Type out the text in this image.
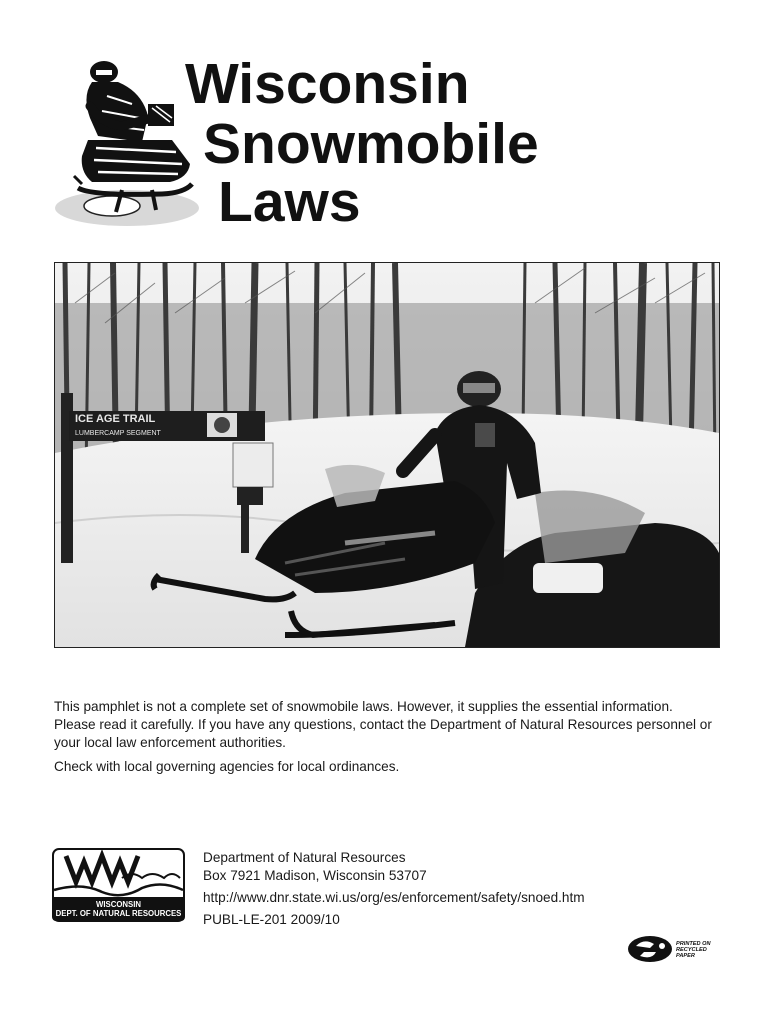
Wisconsin
Snowmobile
Laws
ICE AGE TRAIL
LUMBERCAMP SEGMENT

This pamphlet is not a complete set of snowmobile laws. However, it supplies the essential information. Please read it carefully. If you have any questions, contact the Department of Natural Resources personnel or your local law enforcement authorities.

Check with local governing agencies for local ordinances.

WISCONSIN
DEPT. OF NATURAL RESOURCES
Department of Natural Resources
Box 7921 Madison, Wisconsin 53707
http://www.dnr.state.wi.us/org/es/enforcement/safety/snoed.htm
PUBL-LE-201 2009/10
PRINTED ON
RECYCLED
PAPER
